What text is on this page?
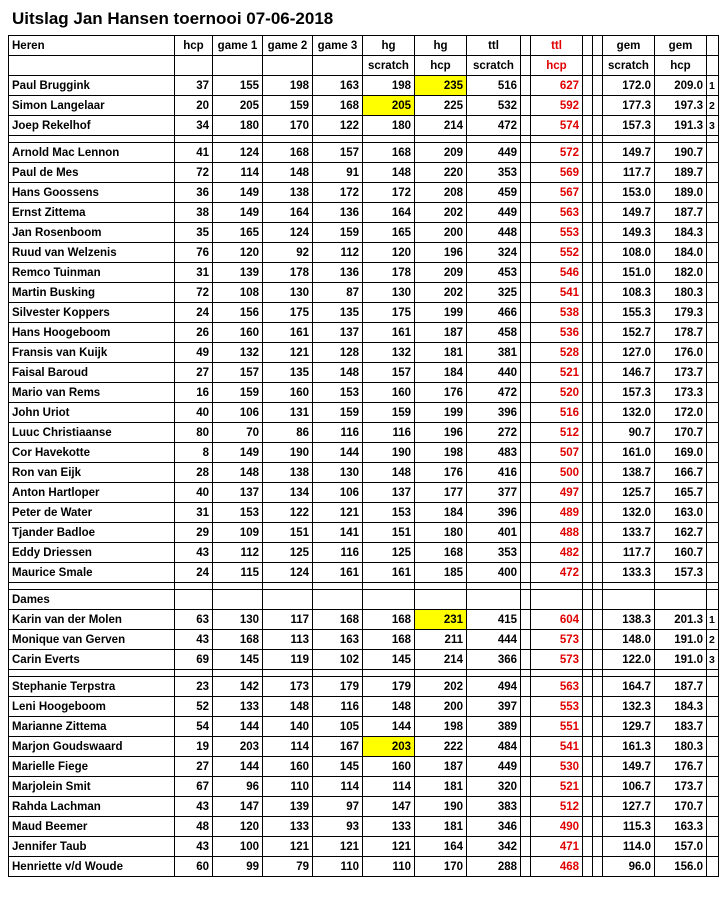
Uitslag Jan Hansen toernooi 07-06-2018
Heren	hcp	game 1	game 2	game 3	hg	hg	ttl		ttl			gem	gem	
					scratch	hcp	scratch		hcp			scratch	hcp	
Paul Bruggink	37	155	198	163	198	235	516		627			172.0	209.0	1
Simon Langelaar	20	205	159	168	205	225	532		592			177.3	197.3	2
Joep Rekelhof	34	180	170	122	180	214	472		574			157.3	191.3	3

Arnold Mac Lennon	41	124	168	157	168	209	449		572			149.7	190.7	
Paul de Mes	72	114	148	91	148	220	353		569			117.7	189.7	
Hans Goossens	36	149	138	172	172	208	459		567			153.0	189.0	
Ernst Zittema	38	149	164	136	164	202	449		563			149.7	187.7	
Jan Rosenboom	35	165	124	159	165	200	448		553			149.3	184.3	
Ruud van Welzenis	76	120	92	112	120	196	324		552			108.0	184.0	
Remco Tuinman	31	139	178	136	178	209	453		546			151.0	182.0	
Martin Busking	72	108	130	87	130	202	325		541			108.3	180.3	
Silvester Koppers	24	156	175	135	175	199	466		538			155.3	179.3	
Hans Hoogeboom	26	160	161	137	161	187	458		536			152.7	178.7	
Fransis van Kuijk	49	132	121	128	132	181	381		528			127.0	176.0	
Faisal Baroud	27	157	135	148	157	184	440		521			146.7	173.7	
Mario van Rems	16	159	160	153	160	176	472		520			157.3	173.3	
John Uriot	40	106	131	159	159	199	396		516			132.0	172.0	
Luuc Christiaanse	80	70	86	116	116	196	272		512			90.7	170.7	
Cor Havekotte	8	149	190	144	190	198	483		507			161.0	169.0	
Ron van Eijk	28	148	138	130	148	176	416		500			138.7	166.7	
Anton Hartloper	40	137	134	106	137	177	377		497			125.7	165.7	
Peter de Water	31	153	122	121	153	184	396		489			132.0	163.0	
Tjander Badloe	29	109	151	141	151	180	401		488			133.7	162.7	
Eddy Driessen	43	112	125	116	125	168	353		482			117.7	160.7	
Maurice Smale	24	115	124	161	161	185	400		472			133.3	157.3	

Dames														
Karin van der Molen	63	130	117	168	168	231	415		604			138.3	201.3	1
Monique van Gerven	43	168	113	163	168	211	444		573			148.0	191.0	2
Carin Everts	69	145	119	102	145	214	366		573			122.0	191.0	3

Stephanie Terpstra	23	142	173	179	179	202	494		563			164.7	187.7	
Leni Hoogeboom	52	133	148	116	148	200	397		553			132.3	184.3	
Marianne Zittema	54	144	140	105	144	198	389		551			129.7	183.7	
Marjon Goudswaard	19	203	114	167	203	222	484		541			161.3	180.3	
Marielle Fiege	27	144	160	145	160	187	449		530			149.7	176.7	
Marjolein Smit	67	96	110	114	114	181	320		521			106.7	173.7	
Rahda Lachman	43	147	139	97	147	190	383		512			127.7	170.7	
Maud Beemer	48	120	133	93	133	181	346		490			115.3	163.3	
Jennifer Taub	43	100	121	121	121	164	342		471			114.0	157.0	
Henriette v/d Woude	60	99	79	110	110	170	288		468			96.0	156.0	
